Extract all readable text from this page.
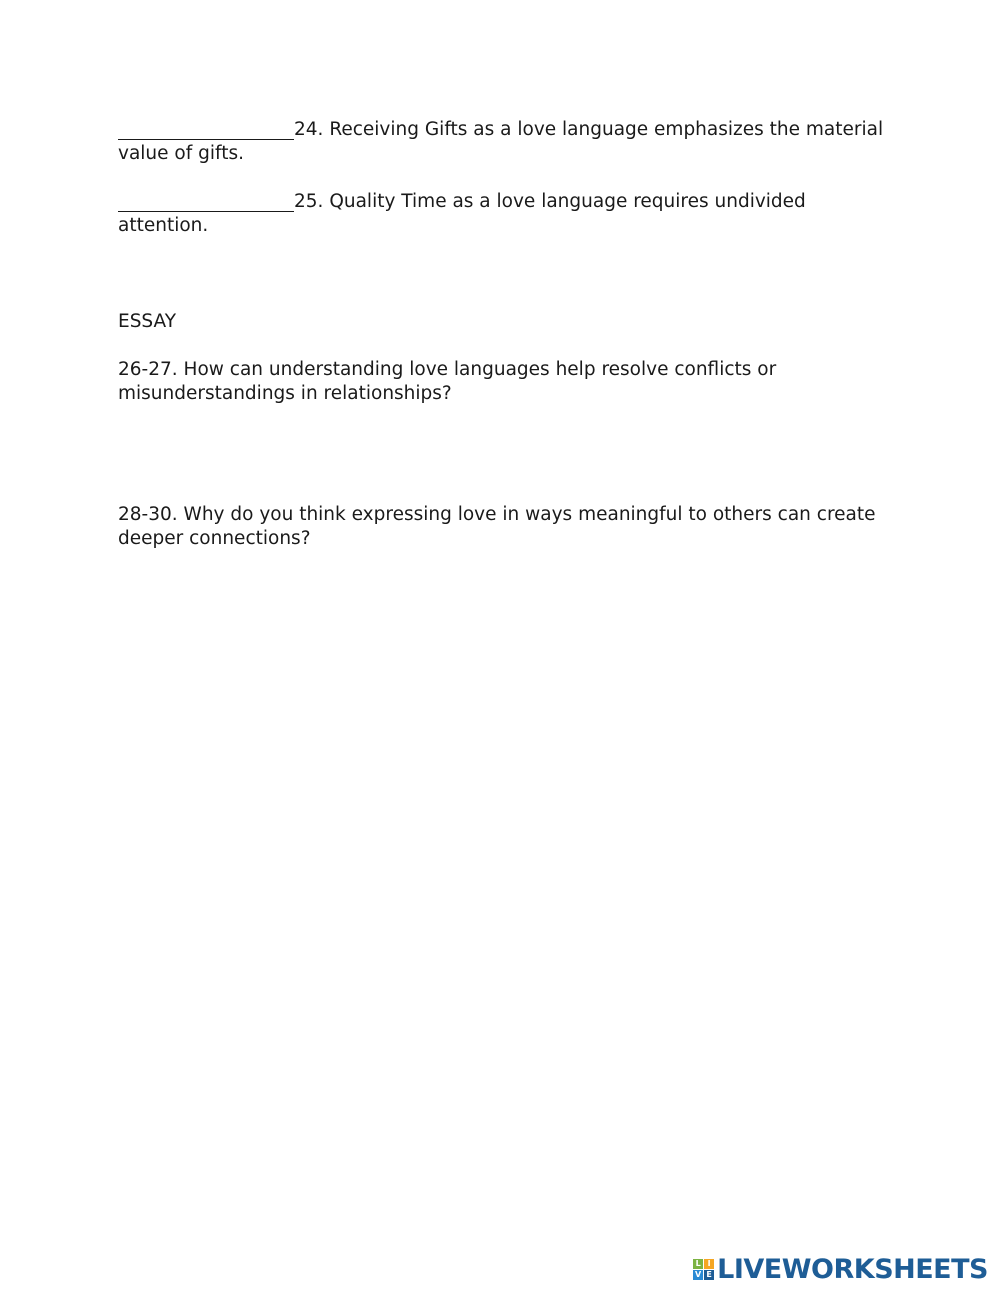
24. Receiving Gifts as a love language emphasizes the material value of gifts.
25. Quality Time as a love language requires undivided attention.
ESSAY
26-27. How can understanding love languages help resolve conflicts or misunderstandings in relationships?
28-30. Why do you think expressing love in ways meaningful to others can create deeper connections?
L I
V E LIVEWORKSHEETS
